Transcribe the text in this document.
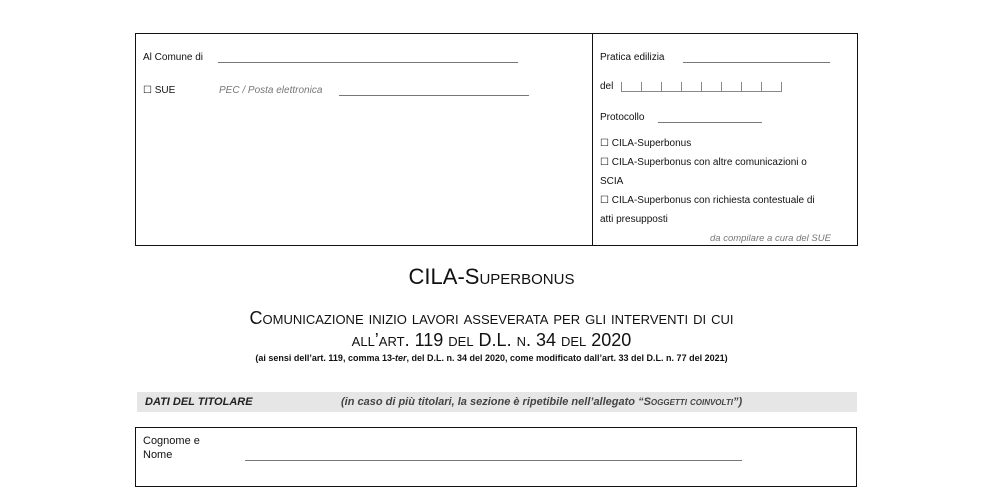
Al Comune di
☐ SUE	PEC / Posta elettronica
Pratica edilizia
del
Protocollo
☐ CILA-Superbonus
☐ CILA-Superbonus con altre comunicazioni o
SCIA
☐ CILA-Superbonus con richiesta contestuale di
atti presupposti
da compilare a cura del SUE
CILA-Superbonus
Comunicazione inizio lavori asseverata per gli interventi di cui
all’art. 119 del D.L. n. 34 del 2020
(ai sensi dell’art. 119, comma 13-ter, del D.L. n. 34 del 2020, come modificato dall’art. 33 del D.L. n. 77 del 2021)
DATI DEL TITOLARE	(in caso di più titolari, la sezione è ripetibile nell’allegato “Soggetti coinvolti”)
Cognome e
Nome
